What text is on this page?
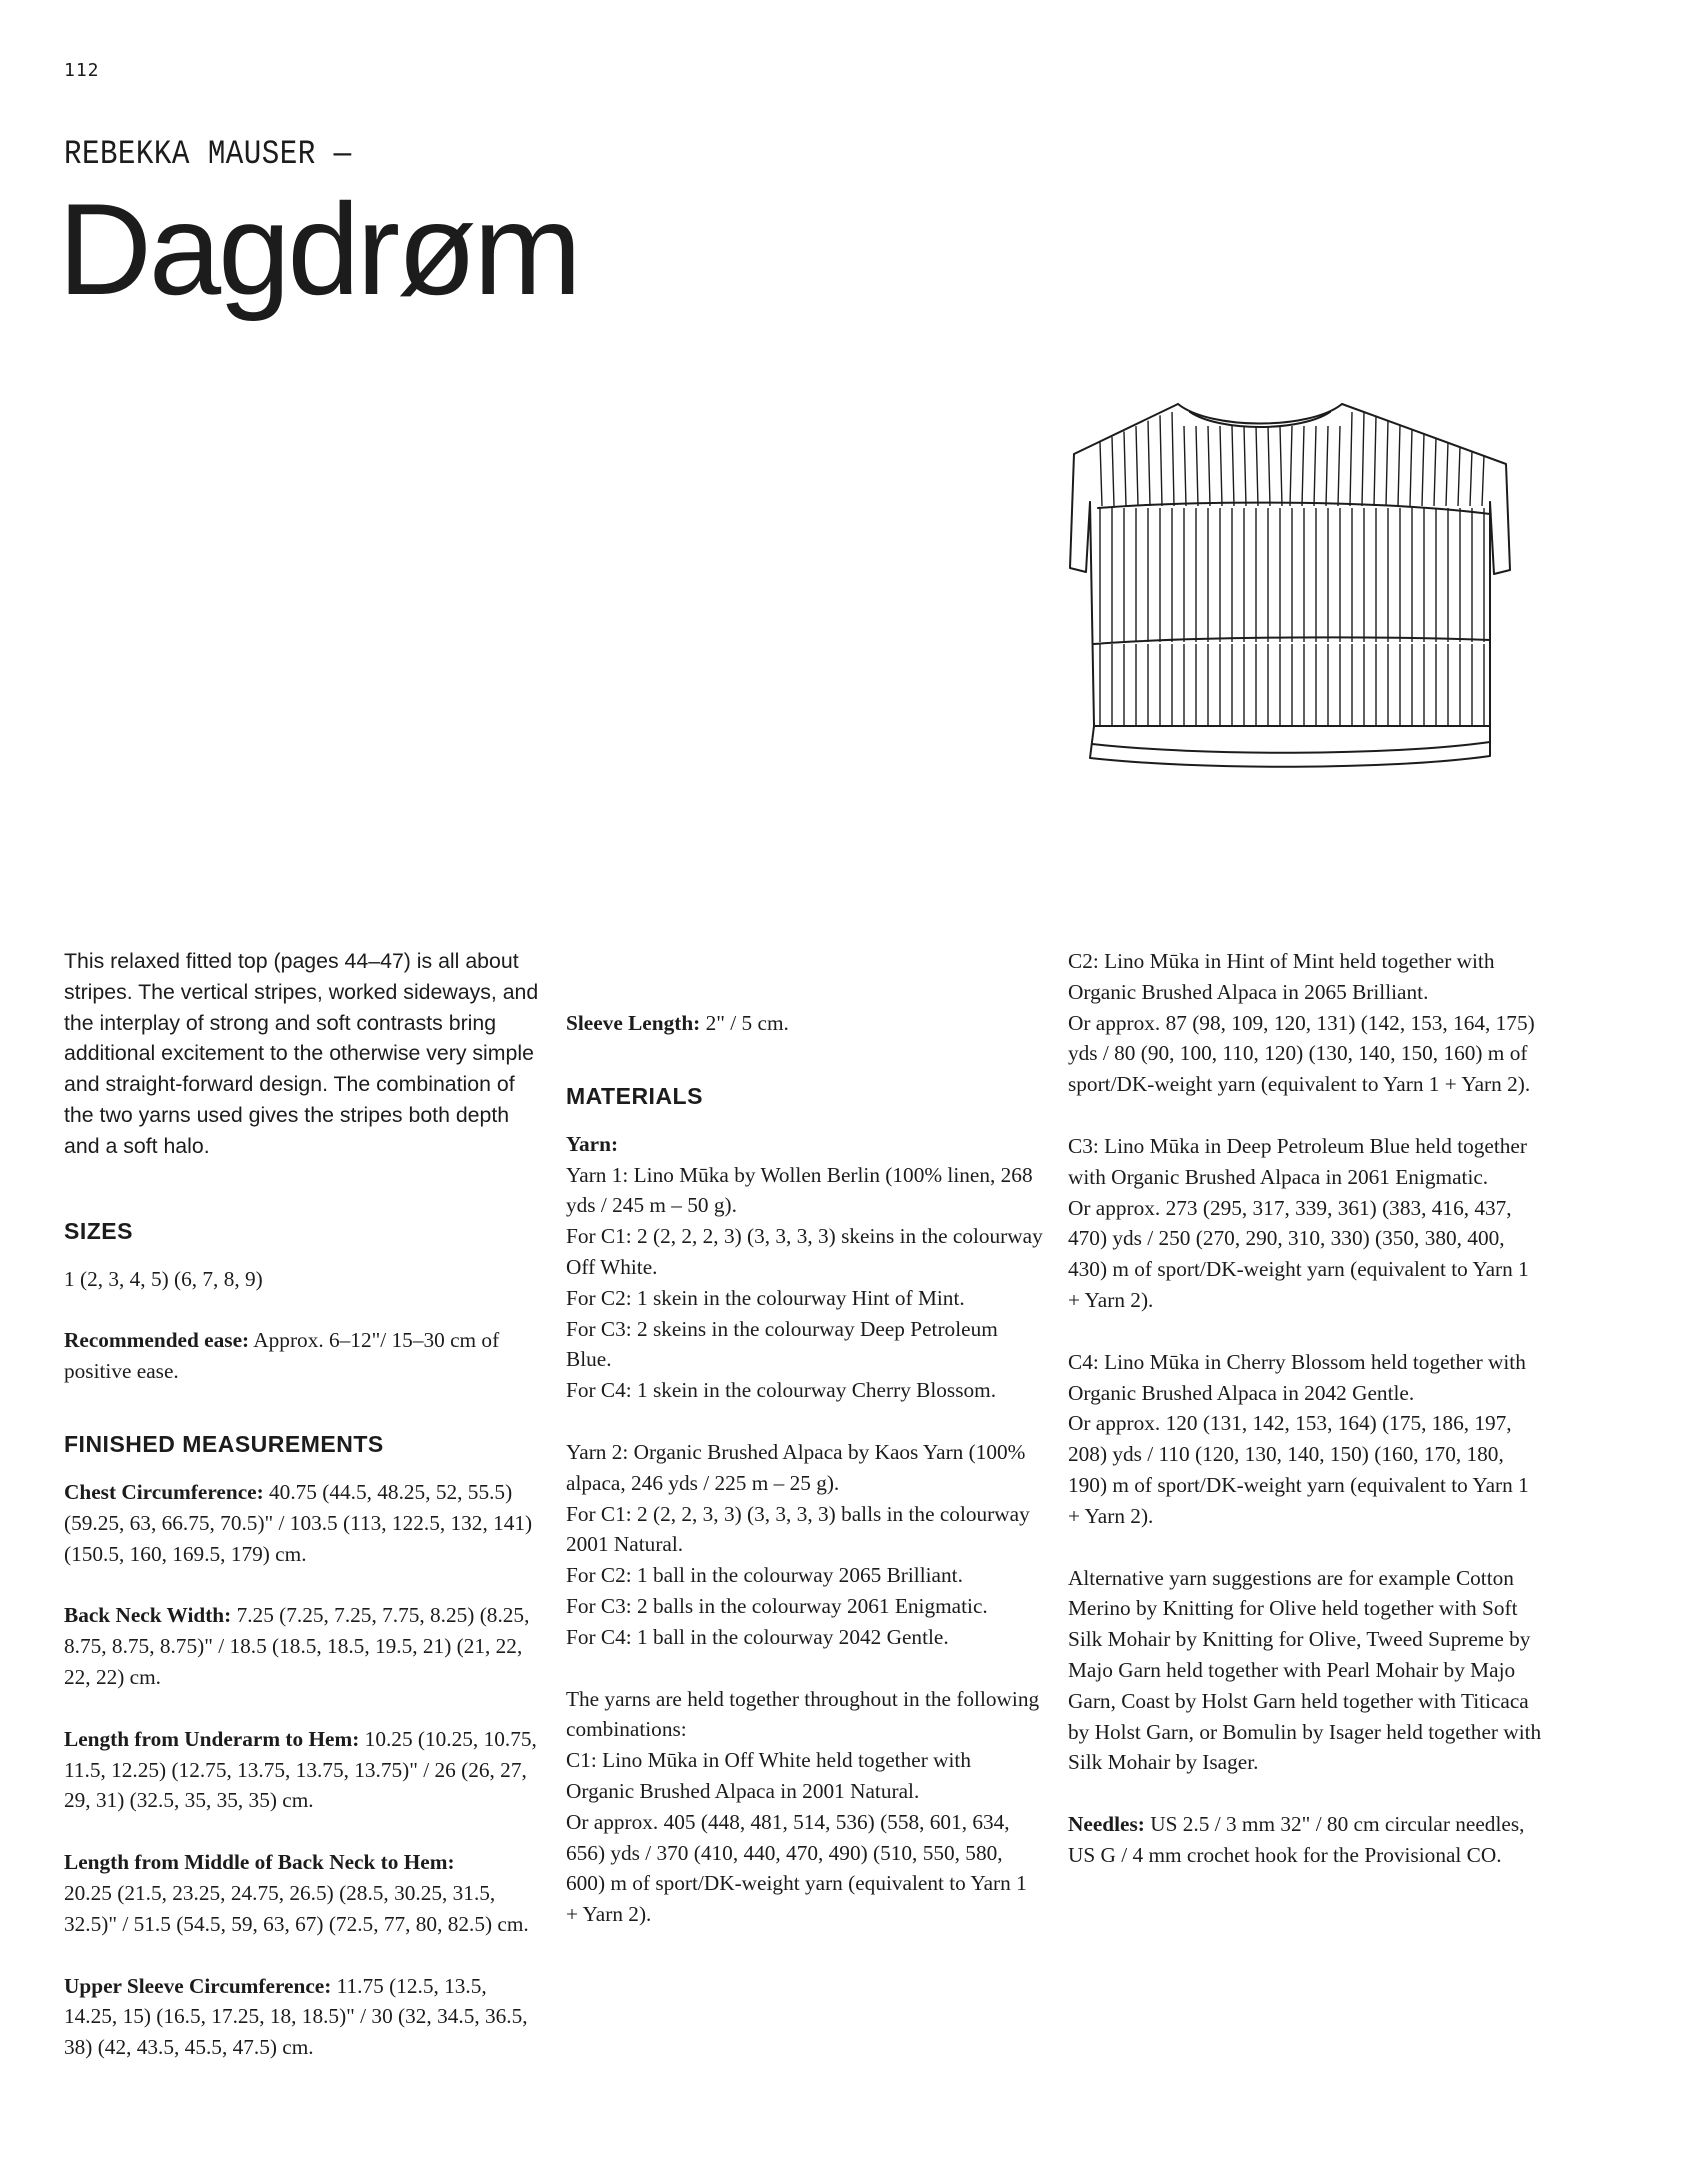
112
REBEKKA MAUSER —
Dagdrøm

This relaxed fitted top (pages 44–47) is all about stripes. The vertical stripes, worked sideways, and the interplay of strong and soft contrasts bring additional excitement to the otherwise very simple and straight-forward design. The combination of the two yarns used gives the stripes both depth and a soft halo.

SIZES

1 (2, 3, 4, 5) (6, 7, 8, 9)

Recommended ease: Approx. 6–12"/ 15–30 cm of positive ease.

FINISHED MEASUREMENTS

Chest Circumference: 40.75 (44.5, 48.25, 52, 55.5) (59.25, 63, 66.75, 70.5)" / 103.5 (113, 122.5, 132, 141) (150.5, 160, 169.5, 179) cm.

Back Neck Width: 7.25 (7.25, 7.25, 7.75, 8.25) (8.25, 8.75, 8.75, 8.75)" / 18.5 (18.5, 18.5, 19.5, 21) (21, 22, 22, 22) cm.

Length from Underarm to Hem: 10.25 (10.25, 10.75, 11.5, 12.25) (12.75, 13.75, 13.75, 13.75)" / 26 (26, 27, 29, 31) (32.5, 35, 35, 35) cm.

Length from Middle of Back Neck to Hem:
20.25 (21.5, 23.25, 24.75, 26.5) (28.5, 30.25, 31.5, 32.5)" / 51.5 (54.5, 59, 63, 67) (72.5, 77, 80, 82.5) cm.

Upper Sleeve Circumference: 11.75 (12.5, 13.5, 14.25, 15) (16.5, 17.25, 18, 18.5)" / 30 (32, 34.5, 36.5, 38) (42, 43.5, 45.5, 47.5) cm.

Sleeve Length: 2" / 5 cm.

MATERIALS

Yarn:
Yarn 1: Lino Mūka by Wollen Berlin (100% linen, 268 yds / 245 m – 50 g).
For C1: 2 (2, 2, 2, 3) (3, 3, 3, 3) skeins in the colourway Off White.
For C2: 1 skein in the colourway Hint of Mint.
For C3: 2 skeins in the colourway Deep Petroleum Blue.
For C4: 1 skein in the colourway Cherry Blossom.

Yarn 2: Organic Brushed Alpaca by Kaos Yarn (100% alpaca, 246 yds / 225 m – 25 g).
For C1: 2 (2, 2, 3, 3) (3, 3, 3, 3) balls in the colourway 2001 Natural.
For C2: 1 ball in the colourway 2065 Brilliant.
For C3: 2 balls in the colourway 2061 Enigmatic.
For C4: 1 ball in the colourway 2042 Gentle.

The yarns are held together throughout in the following combinations:
C1: Lino Mūka in Off White held together with Organic Brushed Alpaca in 2001 Natural.
Or approx. 405 (448, 481, 514, 536) (558, 601, 634, 656) yds / 370 (410, 440, 470, 490) (510, 550, 580, 600) m of sport/DK-weight yarn (equivalent to Yarn 1 + Yarn 2).

C2: Lino Mūka in Hint of Mint held together with Organic Brushed Alpaca in 2065 Brilliant.
Or approx. 87 (98, 109, 120, 131) (142, 153, 164, 175) yds / 80 (90, 100, 110, 120) (130, 140, 150, 160) m of sport/DK-weight yarn (equivalent to Yarn 1 + Yarn 2).

C3: Lino Mūka in Deep Petroleum Blue held together with Organic Brushed Alpaca in 2061 Enigmatic.
Or approx. 273 (295, 317, 339, 361) (383, 416, 437, 470) yds / 250 (270, 290, 310, 330) (350, 380, 400, 430) m of sport/DK-weight yarn (equivalent to Yarn 1 + Yarn 2).

C4: Lino Mūka in Cherry Blossom held together with Organic Brushed Alpaca in 2042 Gentle.
Or approx. 120 (131, 142, 153, 164) (175, 186, 197, 208) yds / 110 (120, 130, 140, 150) (160, 170, 180, 190) m of sport/DK-weight yarn (equivalent to Yarn 1 + Yarn 2).

Alternative yarn suggestions are for example Cotton Merino by Knitting for Olive held together with Soft Silk Mohair by Knitting for Olive, Tweed Supreme by Majo Garn held together with Pearl Mohair by Majo Garn, Coast by Holst Garn held together with Titicaca by Holst Garn, or Bomulin by Isager held together with Silk Mohair by Isager.

Needles: US 2.5 / 3 mm 32" / 80 cm circular needles, US G / 4 mm crochet hook for the Provisional CO.
